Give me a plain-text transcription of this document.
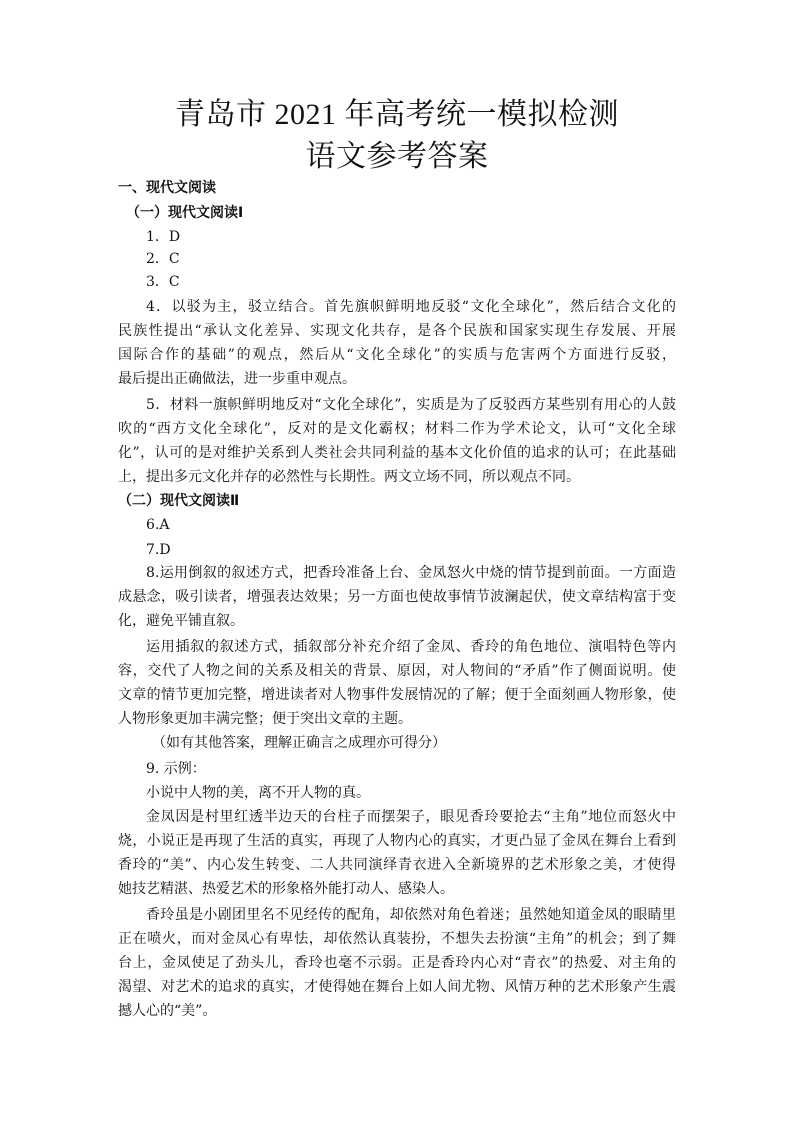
青岛市 2021 年高考统一模拟检测
语文参考答案
一、现代文阅读
（一）现代文阅读Ⅰ
1．D
2．C
3．C
4．以驳为主，驳立结合。首先旗帜鲜明地反驳“文化全球化”，然后结合文化的
民族性提出“承认文化差异、实现文化共存，是各个民族和国家实现生存发展、开展
国际合作的基础”的观点，然后从“文化全球化”的实质与危害两个方面进行反驳，
最后提出正确做法，进一步重申观点。
5．材料一旗帜鲜明地反对“文化全球化”，实质是为了反驳西方某些别有用心的人鼓
吹的“西方文化全球化”，反对的是文化霸权；材料二作为学术论文，认可“文化全球
化”，认可的是对维护关系到人类社会共同利益的基本文化价值的追求的认可；在此基础
上，提出多元文化并存的必然性与长期性。两文立场不同，所以观点不同。
（二）现代文阅读Ⅱ
6.A
7.D
8.运用倒叙的叙述方式，把香玲准备上台、金凤怒火中烧的情节提到前面。一方面造
成悬念，吸引读者，增强表达效果；另一方面也使故事情节波澜起伏，使文章结构富于变
化，避免平铺直叙。
运用插叙的叙述方式，插叙部分补充介绍了金凤、香玲的角色地位、演唱特色等内
容，交代了人物之间的关系及相关的背景、原因，对人物间的“矛盾”作了侧面说明。使
文章的情节更加完整，增进读者对人物事件发展情况的了解；便于全面刻画人物形象，使
人物形象更加丰满完整；便于突出文章的主题。
（如有其他答案，理解正确言之成理亦可得分）
9. 示例：
小说中人物的美，离不开人物的真。
金凤因是村里红透半边天的台柱子而摆架子，眼见香玲要抢去“主角”地位而怒火中
烧，小说正是再现了生活的真实，再现了人物内心的真实，才更凸显了金凤在舞台上看到
香玲的“美”、内心发生转变、二人共同演绎青衣进入全新境界的艺术形象之美，才使得
她技艺精湛、热爱艺术的形象格外能打动人、感染人。
香玲虽是小剧团里名不见经传的配角，却依然对角色着迷；虽然她知道金凤的眼睛里
正在喷火，而对金凤心有卑怯，却依然认真装扮，不想失去扮演“主角”的机会；到了舞
台上，金凤使足了劲头儿，香玲也毫不示弱。正是香玲内心对“青衣”的热爱、对主角的
渴望、对艺术的追求的真实，才使得她在舞台上如人间尤物、风情万种的艺术形象产生震
撼人心的“美”。
